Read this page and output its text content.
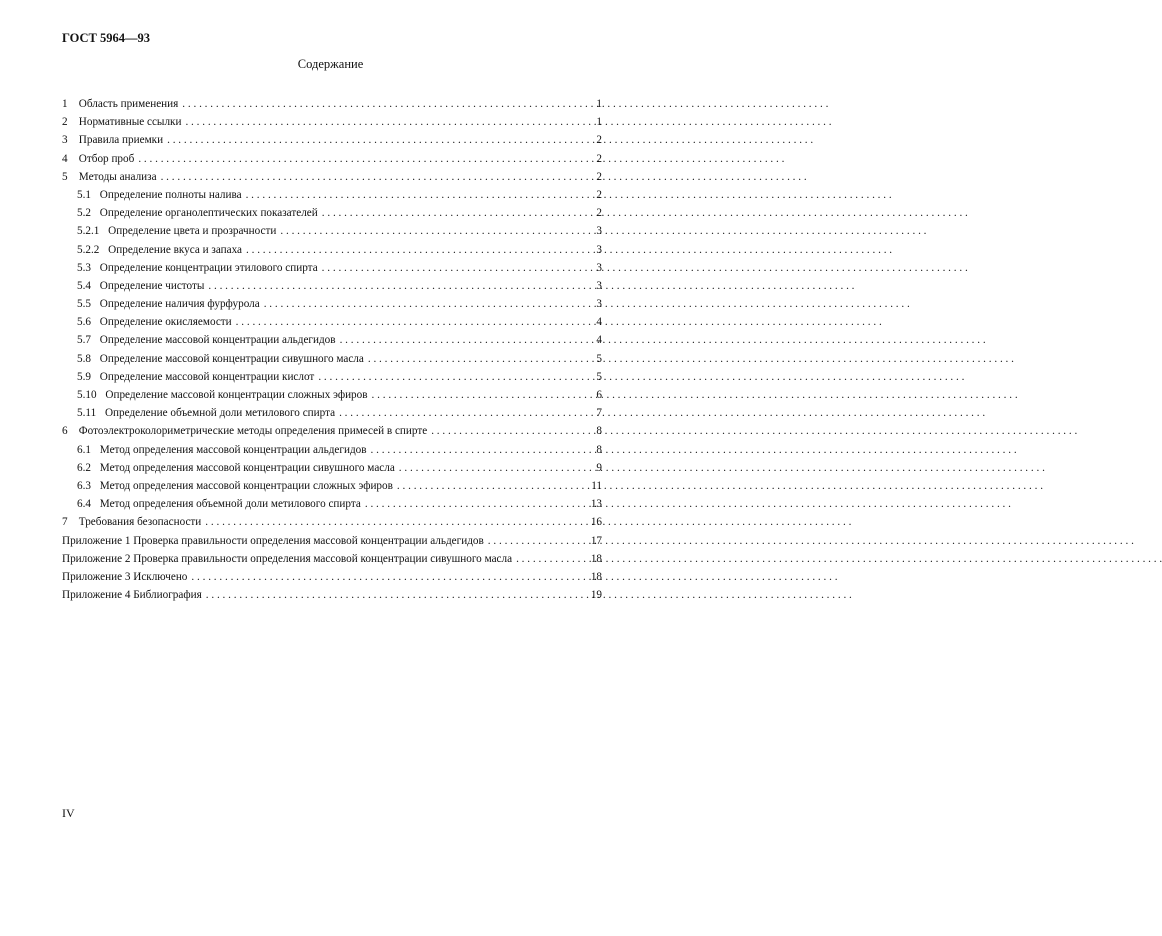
ГОСТ 5964—93
Содержание
1 Область применения . . .	1
2 Нормативные ссылки . . .	1
3 Правила приемки . . .	2
4 Отбор проб . . .	2
5 Методы анализа . . .	2
5.1 Определение полноты налива . . .	2
5.2 Определение органолептических показателей . . .	2
5.2.1 Определение цвета и прозрачности . . .	3
5.2.2 Определение вкуса и запаха . . .	3
5.3 Определение концентрации этилового спирта . . .	3
5.4 Определение чистоты . . .	3
5.5 Определение наличия фурфурола . . .	3
5.6 Определение окисляемости . . .	4
5.7 Определение массовой концентрации альдегидов . . .	4
5.8 Определение массовой концентрации сивушного масла . . .	5
5.9 Определение массовой концентрации кислот . . .	5
5.10 Определение массовой концентрации сложных эфиров . . .	6
5.11 Определение объемной доли метилового спирта . . .	7
6 Фотоэлектроколориметрические методы определения примесей в спирте . . .	8
6.1 Метод определения массовой концентрации альдегидов . . .	8
6.2 Метод определения массовой концентрации сивушного масла . . .	9
6.3 Метод определения массовой концентрации сложных эфиров . . .	11
6.4 Метод определения объемной доли метилового спирта . . .	13
7 Требования безопасности . . .	16
Приложение 1 Проверка правильности определения массовой концентрации альдегидов . . .	17
Приложение 2 Проверка правильности определения массовой концентрации сивушного масла . . .	18
Приложение 3 Исключено . . .	18
Приложение 4 Библиография . . .	19
IV
